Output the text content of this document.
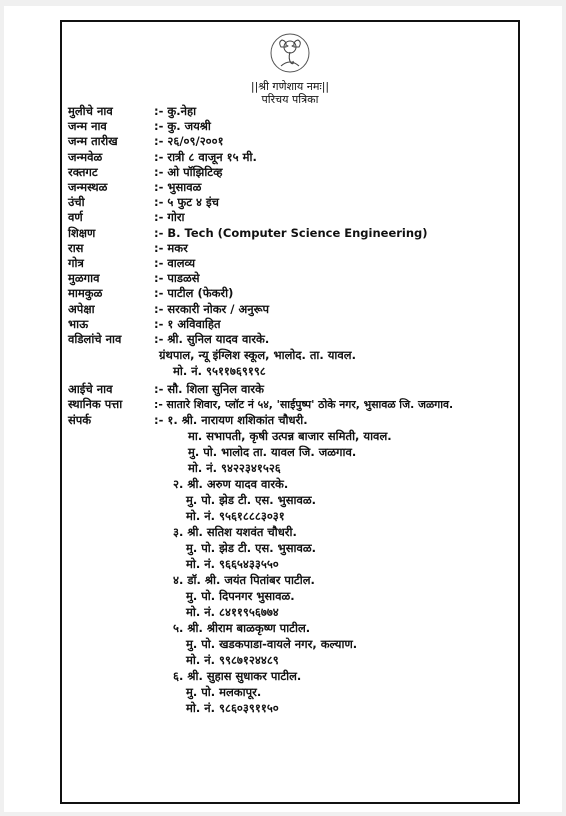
||श्री गणेशाय नमः||
परिचय पत्रिका
मुलीचे नाव	:- कु.नेहा
जन्म नाव	:- कु. जयश्री
जन्म तारीख	:- २६/०९/२००१
जन्मवेळ	:- रात्री ८ वाजून १५ मी.
रक्तगट	:- ओ पॉझिटिव्ह
जन्मस्थळ	:- भुसावळ
उंची	:- ५ फुट ४ इंच
वर्ण	:- गोरा
शिक्षण	:- B. Tech (Computer Science Engineering)
रास	:- मकर
गोत्र	:- वालव्य
मुळगाव	:- पाडळसे
मामकुळ	:- पाटील (फेकरी)
अपेक्षा	:- सरकारी नोकर / अनुरूप
भाऊ	:- १ अविवाहित
वडिलांचे नाव	:- श्री. सुनिल यादव वारके.
ग्रंथपाल, न्यू इंग्लिश स्कूल, भालोद. ता. यावल.
मो. नं. ९५११७६९१९८
आईचे नाव	:- सौ. शिला सुनिल वारके
स्थानिक पत्ता	:- सातारे शिवार, प्लॉट नं ५४, 'साईपुष्प' ठोके नगर, भुसावळ जि. जळगाव.
संपर्क	:- १. श्री. नारायण शशिकांत चौधरी.
मा. सभापती, कृषी उत्पन्न बाजार समिती, यावल.
मु. पो. भालोद ता. यावल जि. जळगाव.
मो. नं. ९४२२३४१५२६
२. श्री. अरुण यादव वारके.
मु. पो. झेड टी. एस. भुसावळ.
मो. नं. ९५६१८८८३०३१
३. श्री. सतिश यशवंत चौधरी.
मु. पो. झेड टी. एस. भुसावळ.
मो. नं. ९६६५४३३५५०
४. डॉ. श्री. जयंत पितांबर पाटील.
मु. पो. दिपनगर भुसावळ.
मो. नं. ८४११९५६७७४
५. श्री. श्रीराम बाळकृष्ण पाटील.
मु. पो. खडकपाडा-वायले नगर, कल्याण.
मो. नं. ९९८७१२४४८९
६. श्री. सुहास सुधाकर पाटील.
मु. पो. मलकापूर.
मो. नं. ९८६०३९११५०
